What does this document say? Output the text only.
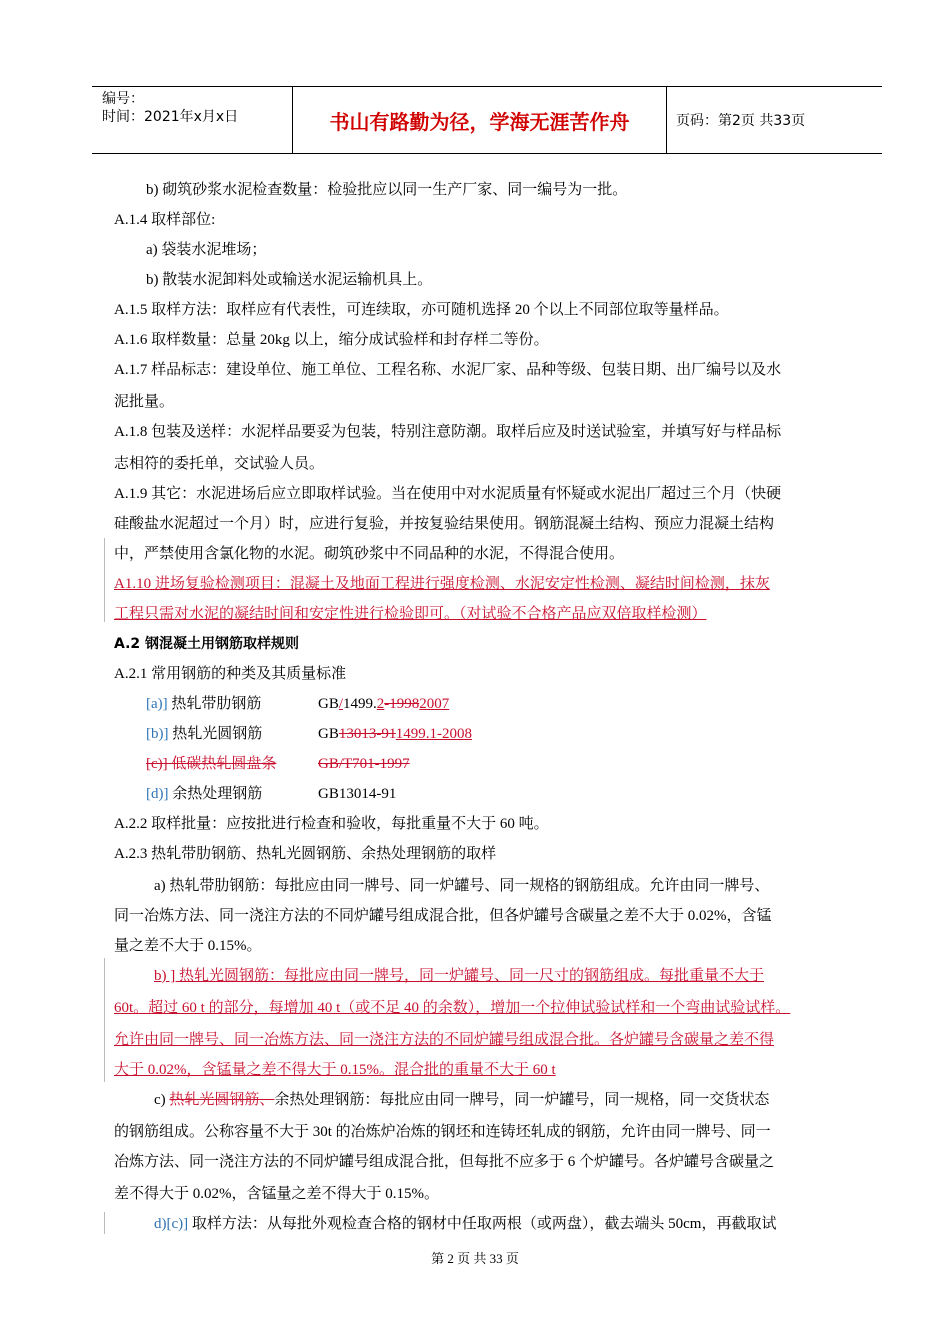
编号：
时间：2021年x月x日	书山有路勤为径，学海无涯苦作舟	页码：第2页 共33页
b) 砌筑砂浆水泥检查数量：检验批应以同一生产厂家、同一编号为一批。
A.1.4 取样部位:
a) 袋装水泥堆场；
b) 散装水泥卸料处或输送水泥运输机具上。
A.1.5 取样方法：取样应有代表性，可连续取，亦可随机选择 20 个以上不同部位取等量样品。
A.1.6 取样数量：总量 20kg 以上，缩分成试验样和封存样二等份。
A.1.7 样品标志：建设单位、施工单位、工程名称、水泥厂家、品种等级、包装日期、出厂编号以及水
泥批量。
A.1.8 包装及送样：水泥样品要妥为包装，特别注意防潮。取样后应及时送试验室，并填写好与样品标
志相符的委托单，交试验人员。
A.1.9 其它：水泥进场后应立即取样试验。当在使用中对水泥质量有怀疑或水泥出厂超过三个月（快硬
硅酸盐水泥超过一个月）时，应进行复验，并按复验结果使用。钢筋混凝土结构、预应力混凝土结构
中，严禁使用含氯化物的水泥。砌筑砂浆中不同品种的水泥，不得混合使用。
A1.10 进场复验检测项目：混凝土及地面工程进行强度检测、水泥安定性检测、凝结时间检测，抹灰
工程只需对水泥的凝结时间和安定性进行检验即可。（对试验不合格产品应双倍取样检测）
A.2 钢混凝土用钢筋取样规则
A.2.1 常用钢筋的种类及其质量标准
[a)] 热轧带肋钢筋	GB/1499.2-19982007
[b)] 热轧光圆钢筋	GB13013-911499.1-2008
[c)] 低碳热轧圆盘条	GB/T701-1997
[d)] 余热处理钢筋	GB13014-91
A.2.2 取样批量：应按批进行检查和验收，每批重量不大于 60 吨。
A.2.3 热轧带肋钢筋、热轧光圆钢筋、余热处理钢筋的取样
a) 热轧带肋钢筋：每批应由同一牌号、同一炉罐号、同一规格的钢筋组成。允许由同一牌号、
同一冶炼方法、同一浇注方法的不同炉罐号组成混合批，但各炉罐号含碳量之差不大于 0.02%，含锰
量之差不大于 0.15%。
b) ] 热轧光圆钢筋：每批应由同一牌号，同一炉罐号、同一尺寸的钢筋组成。每批重量不大于
60t。超过 60 t 的部分，每增加 40 t（或不足 40 的余数），增加一个拉伸试验试样和一个弯曲试验试样。
允许由同一牌号、同一冶炼方法、同一浇注方法的不同炉罐号组成混合批。各炉罐号含碳量之差不得
大于 0.02%，含锰量之差不得大于 0.15%。混合批的重量不大于 60 t
c) 热轧光圆钢筋、余热处理钢筋：每批应由同一牌号，同一炉罐号，同一规格，同一交货状态
的钢筋组成。公称容量不大于 30t 的冶炼炉冶炼的钢坯和连铸坯轧成的钢筋，允许由同一牌号、同一
冶炼方法、同一浇注方法的不同炉罐号组成混合批，但每批不应多于 6 个炉罐号。各炉罐号含碳量之
差不得大于 0.02%，含锰量之差不得大于 0.15%。
d)[c)] 取样方法：从每批外观检查合格的钢材中任取两根（或两盘），截去端头 50cm，再截取试
第 2 页 共 33 页
